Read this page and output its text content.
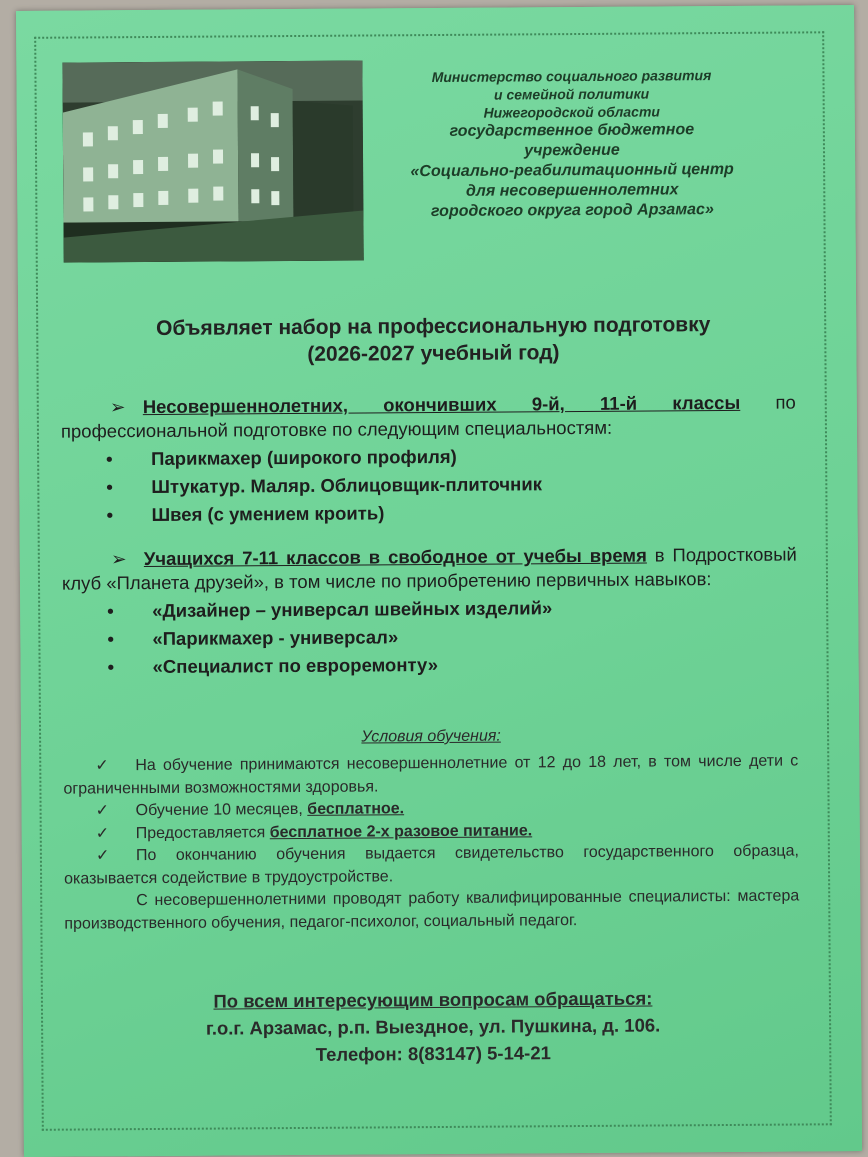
Министерство социального развития
и семейной политики
Нижегородской области
государственное бюджетное
учреждение
«Социально-реабилитационный центр
для несовершеннолетних
городского округа город Арзамас»
Объявляет набор на профессиональную подготовку
(2026-2027 учебный год)
➢ Несовершеннолетних, окончивших 9-й, 11-й классы по профессиональной подготовке по следующим специальностям:
• Парикмахер (широкого профиля)
• Штукатур. Маляр. Облицовщик-плиточник
• Швея (с умением кроить)
➢ Учащихся 7-11 классов в свободное от учебы время в Подростковый клуб «Планета друзей», в том числе по приобретению первичных навыков:
• «Дизайнер – универсал швейных изделий»
• «Парикмахер - универсал»
• «Специалист по евроремонту»
Условия обучения:

✓ На обучение принимаются несовершеннолетние от 12 до 18 лет, в том числе дети с ограниченными возможностями здоровья.

✓ Обучение 10 месяцев, бесплатное.

✓ Предоставляется бесплатное 2-х разовое питание.

✓ По окончанию обучения выдается свидетельство государственного образца, оказывается содействие в трудоустройстве.

С несовершеннолетними проводят работу квалифицированные специалисты: мастера производственного обучения, педагог-психолог, социальный педагог.

По всем интересующим вопросам обращаться:
г.о.г. Арзамас, р.п. Выездное, ул. Пушкина, д. 106.
Телефон: 8(83147) 5-14-21
